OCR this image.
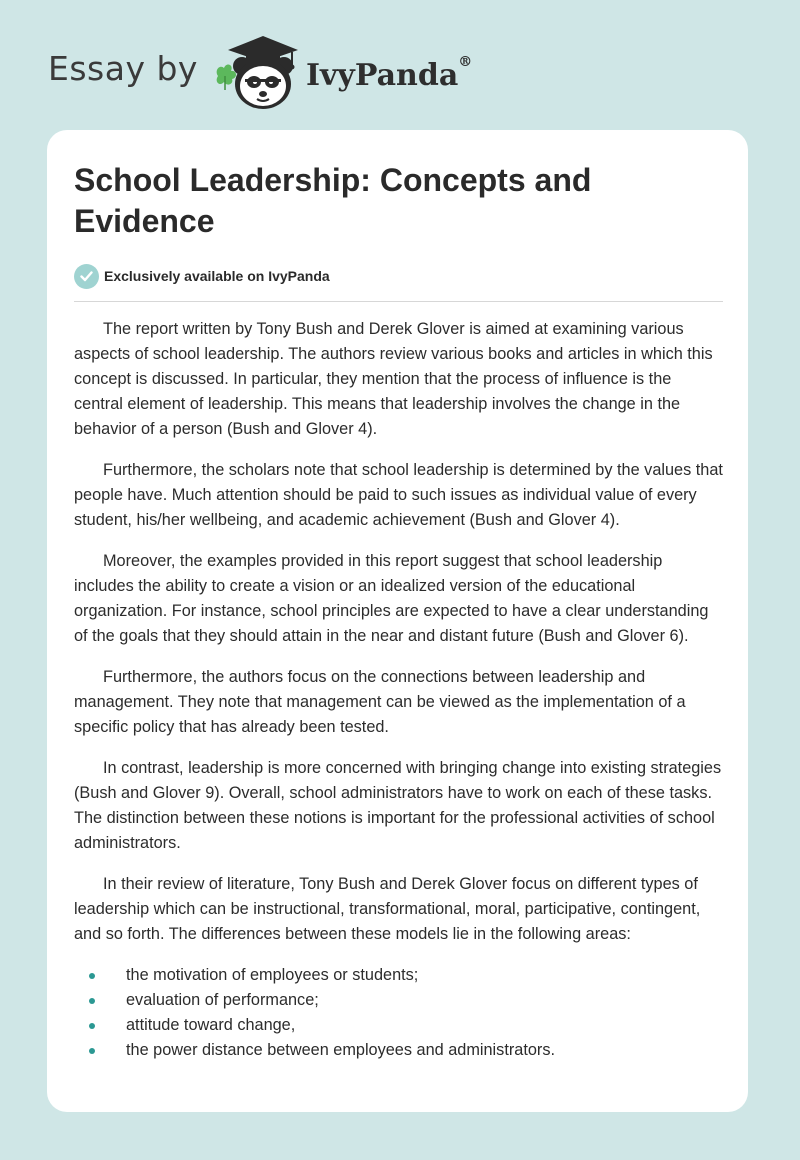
Essay by	IvyPanda®
School Leadership: Concepts and Evidence
Exclusively available on IvyPanda

The report written by Tony Bush and Derek Glover is aimed at examining various aspects of school leadership. The authors review various books and articles in which this concept is discussed. In particular, they mention that the process of influence is the central element of leadership. This means that leadership involves the change in the behavior of a person (Bush and Glover 4).

Furthermore, the scholars note that school leadership is determined by the values that people have. Much attention should be paid to such issues as individual value of every student, his/her wellbeing, and academic achievement (Bush and Glover 4).

Moreover, the examples provided in this report suggest that school leadership includes the ability to create a vision or an idealized version of the educational organization. For instance, school principles are expected to have a clear understanding of the goals that they should attain in the near and distant future (Bush and Glover 6).

Furthermore, the authors focus on the connections between leadership and management. They note that management can be viewed as the implementation of a specific policy that has already been tested.

In contrast, leadership is more concerned with bringing change into existing strategies (Bush and Glover 9). Overall, school administrators have to work on each of these tasks. The distinction between these notions is important for the professional activities of school administrators.

In their review of literature, Tony Bush and Derek Glover focus on different types of leadership which can be instructional, transformational, moral, participative, contingent, and so forth. The differences between these models lie in the following areas:

the motivation of employees or students;
evaluation of performance;
attitude toward change,
the power distance between employees and administrators.
